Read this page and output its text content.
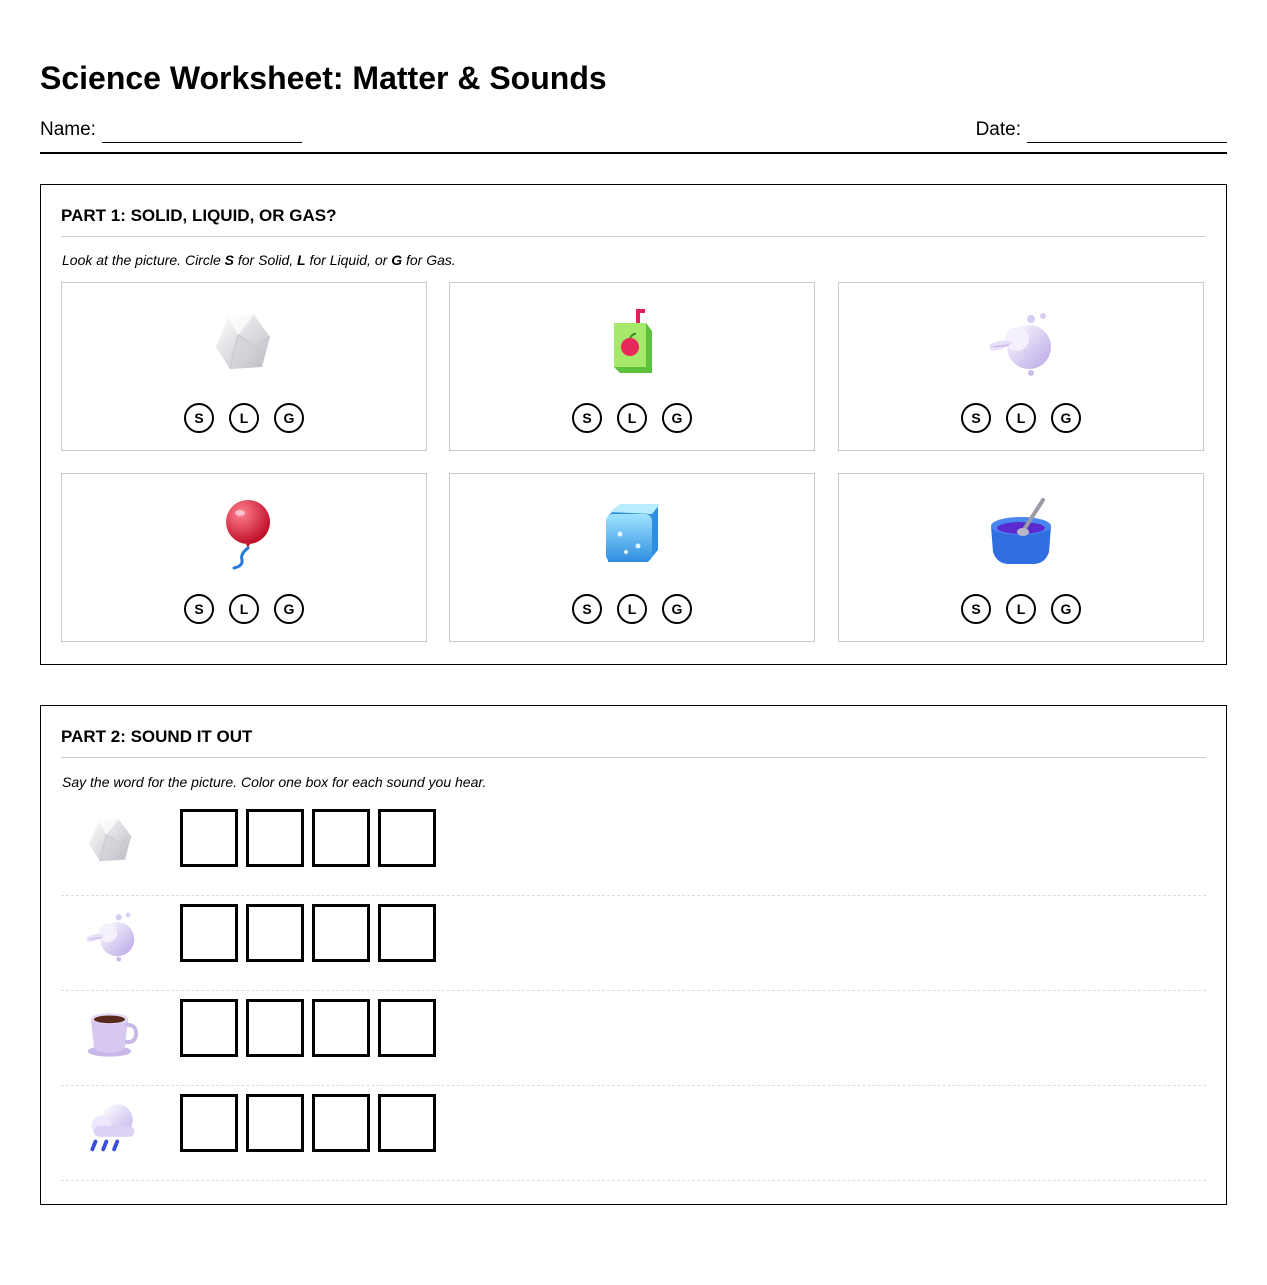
Science Worksheet: Matter & Sounds
Name:	Date:
PART 1: SOLID, LIQUID, OR GAS?

Look at the picture. Circle S for Solid, L for Liquid, or G for Gas.

S	L	G	S	L	G	S	L	G
S	L	G	S	L	G	S	L	G
PART 2: SOUND IT OUT

Say the word for the picture. Color one box for each sound you hear.
